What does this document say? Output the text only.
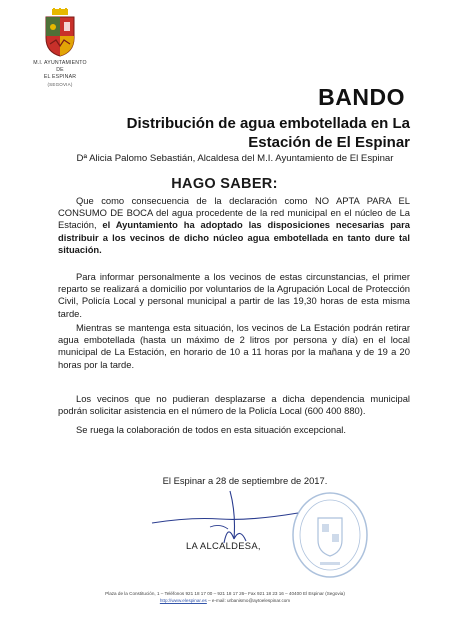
M.I. AYUNTAMIENTO
DE
EL ESPINAR
(SEGOVIA)	BANDO
Distribución de agua embotellada en La Estación de El Espinar
Dª Alicia Palomo Sebastián, Alcaldesa del M.I. Ayuntamiento de El Espinar
HAGO SABER:
Que como consecuencia de la declaración como NO APTA PARA EL CONSUMO DE BOCA del agua procedente de la red municipal en el núcleo de La Estación, el Ayuntamiento ha adoptado las disposiciones necesarias para distribuir a los vecinos de dicho núcleo agua embotellada en tanto dure tal situación.
Para informar personalmente a los vecinos de estas circunstancias, el primer reparto se realizará a domicilio por voluntarios de la Agrupación Local de Protección Civil, Policía Local y personal municipal a partir de las 19,30 horas de esta misma tarde.
Mientras se mantenga esta situación, los vecinos de La Estación podrán retirar agua embotellada (hasta un máximo de 2 litros por persona y día) en el local municipal de La Estación, en horario de 10 a 11 horas por la mañana y de 19 a 20 horas por la tarde.
Los vecinos que no pudieran desplazarse a dicha dependencia municipal podrán solicitar asistencia en el número de la Policía Local (600 400 880).
Se ruega la colaboración de todos en esta situación excepcional.
El Espinar a 28 de septiembre de 2017.
LA ALCALDESA,
Plaza de la Constitución, 1 – Teléfonos 921 18 17 00 – 921 18 17 26– Fax 921 18 23 16 – 40400 El Espinar (Segovia)
http://www.elespinar.es – e-mail: urbanismo@aytoelespinar.com
